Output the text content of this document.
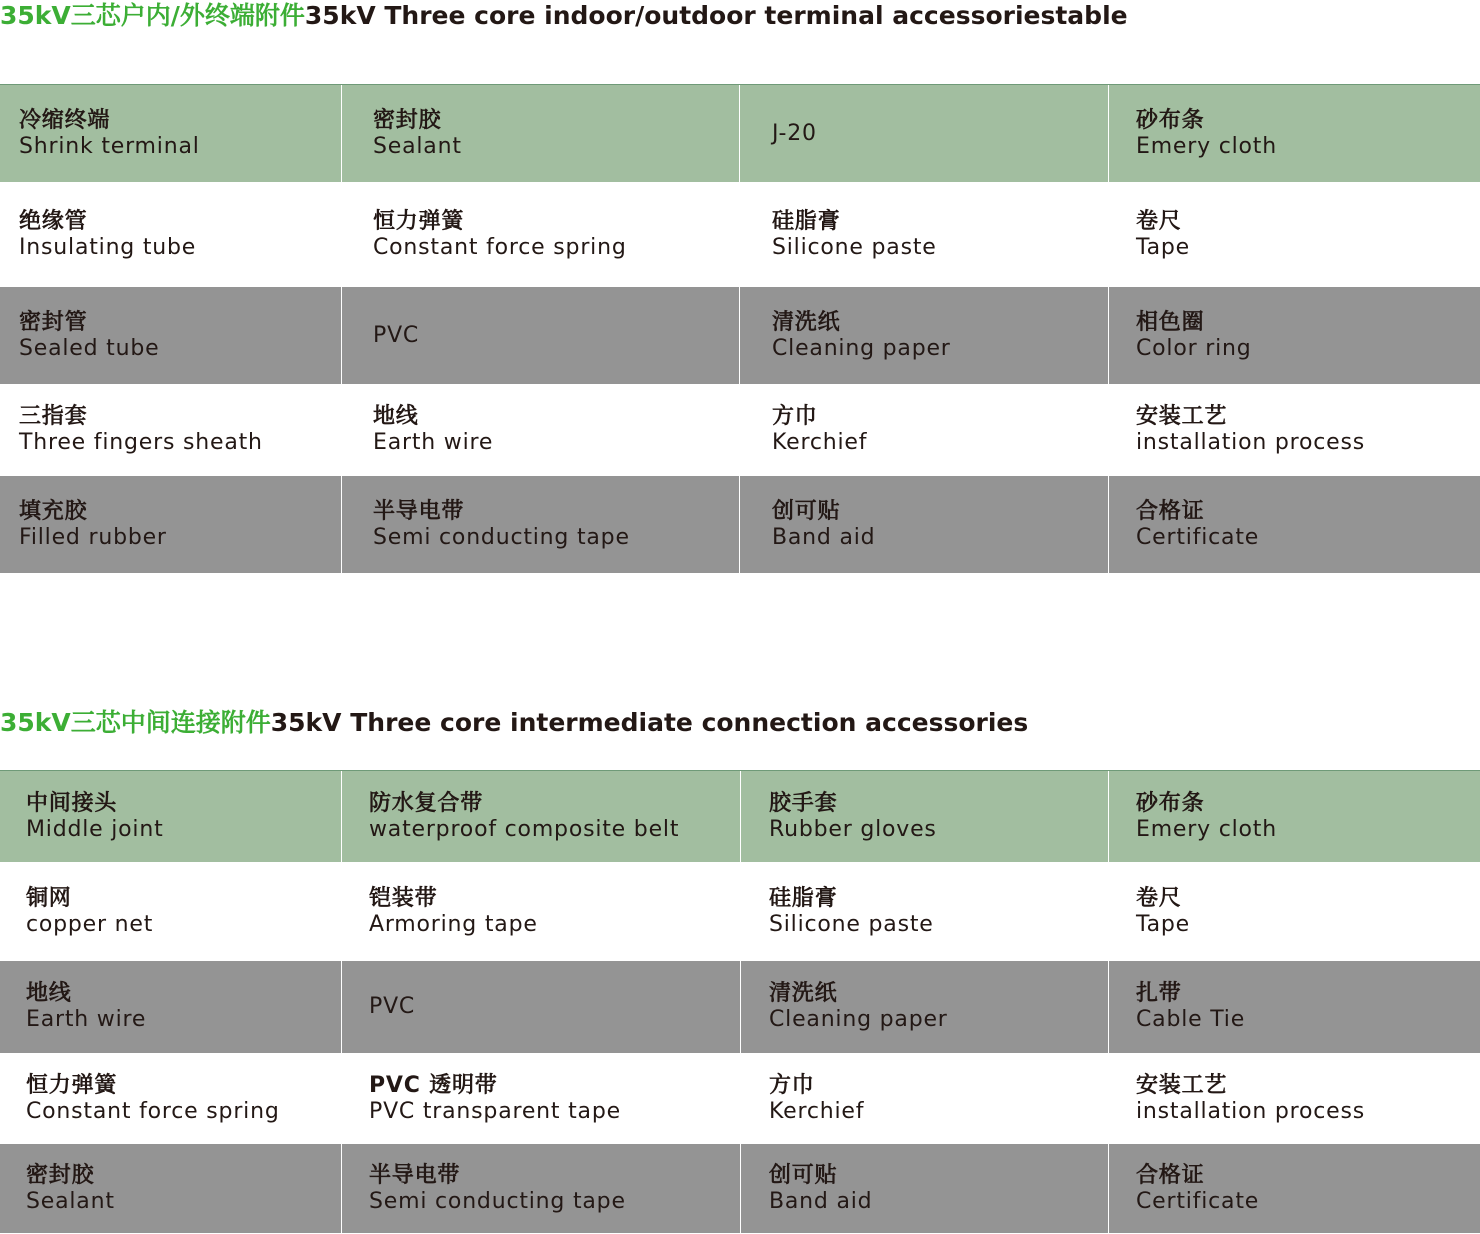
35kV三芯户内/外终端附件35kV Three core indoor/outdoor terminal accessoriestable
冷缩终端
Shrink terminal
密封胶
Sealant
J-20
砂布条
Emery cloth
绝缘管
Insulating tube
恒力弹簧
Constant force spring
硅脂膏
Silicone paste
卷尺
Tape
密封管
Sealed tube
PVC
清洗纸
Cleaning paper
相色圈
Color ring
三指套
Three fingers sheath
地线
Earth wire
方巾
Kerchief
安装工艺
installation process
填充胶
Filled rubber
半导电带
Semi conducting tape
创可贴
Band aid
合格证
Certificate
35kV三芯中间连接附件35kV Three core intermediate connection accessories
中间接头
Middle joint
防水复合带
waterproof composite belt
胶手套
Rubber gloves
砂布条
Emery cloth
铜网
copper net
铠装带
Armoring tape
硅脂膏
Silicone paste
卷尺
Tape
地线
Earth wire
PVC
清洗纸
Cleaning paper
扎带
Cable Tie
恒力弹簧
Constant force spring
PVC 透明带
PVC transparent tape
方巾
Kerchief
安装工艺
installation process
密封胶
Sealant
半导电带
Semi conducting tape
创可贴
Band aid
合格证
Certificate
